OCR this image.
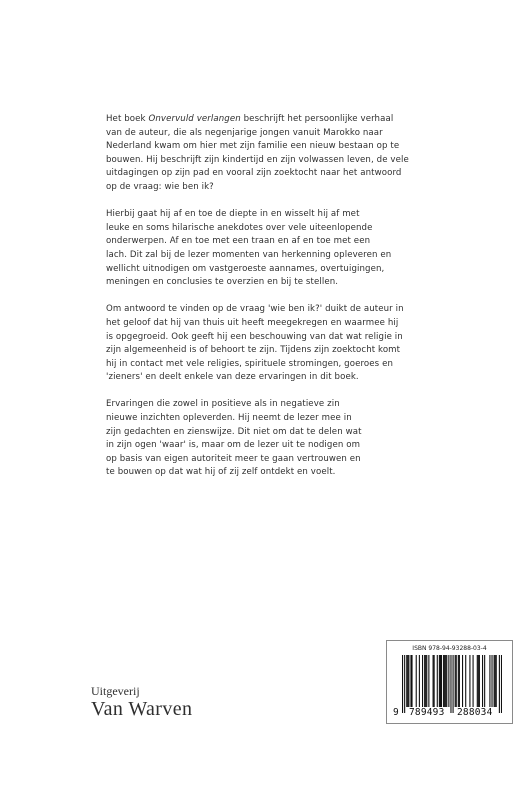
Het boek Onvervuld verlangen beschrijft het persoonlijke verhaal
van de auteur, die als negenjarige jongen vanuit Marokko naar
Nederland kwam om hier met zijn familie een nieuw bestaan op te
bouwen. Hij beschrijft zijn kindertijd en zijn volwassen leven, de vele
uitdagingen op zijn pad en vooral zijn zoektocht naar het antwoord
op de vraag: wie ben ik?
Hierbij gaat hij af en toe de diepte in en wisselt hij af met
leuke en soms hilarische anekdotes over vele uiteenlopende
onderwerpen. Af en toe met een traan en af en toe met een
lach. Dit zal bij de lezer momenten van herkenning opleveren en
wellicht uitnodigen om vastgeroeste aannames, overtuigingen,
meningen en conclusies te overzien en bij te stellen.
Om antwoord te vinden op de vraag 'wie ben ik?' duikt de auteur in
het geloof dat hij van thuis uit heeft meegekregen en waarmee hij
is opgegroeid. Ook geeft hij een beschouwing van dat wat religie in
zijn algemeenheid is of behoort te zijn. Tijdens zijn zoektocht komt
hij in contact met vele religies, spirituele stromingen, goeroes en
'zieners' en deelt enkele van deze ervaringen in dit boek.
Ervaringen die zowel in positieve als in negatieve zin
nieuwe inzichten opleverden. Hij neemt de lezer mee in
zijn gedachten en zienswijze. Dit niet om dat te delen wat
in zijn ogen 'waar' is, maar om de lezer uit te nodigen om
op basis van eigen autoriteit meer te gaan vertrouwen en
te bouwen op dat wat hij of zij zelf ontdekt en voelt.
ISBN 978-94-93288-03-4
9 789493 288034
Uitgeverij
Van Warven
